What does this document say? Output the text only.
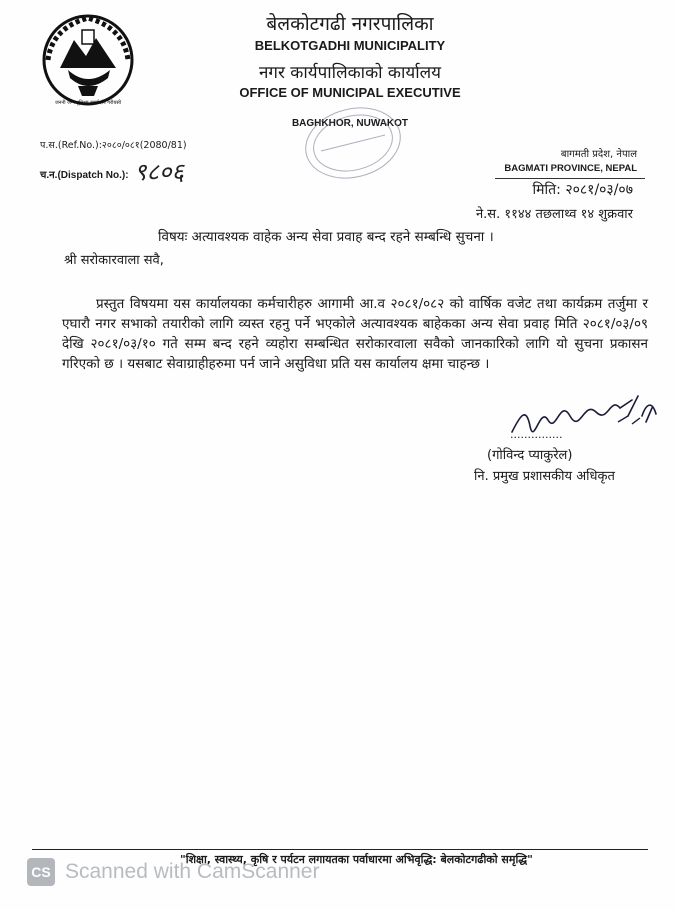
जननी जन्मभूमिश्च स्वर्गादपि गरीयसी
बेलकोटगढी नगरपालिका
BELKOTGADHI MUNICIPALITY
नगर कार्यपालिकाको कार्यालय
OFFICE OF MUNICIPAL EXECUTIVE
BAGHKHOR, NUWAKOT
प.स.(Ref.No.):२०८०/०८१(2080/81)
च.न.(Dispatch No.): ९८०६
बागमती प्रदेश, नेपाल
BAGMATI PROVINCE, NEPAL
मिति: २०८१/०३/०७
ने.स. ११४४ तछलाथ्व १४ शुक्रवार
विषयः अत्यावश्यक वाहेक अन्य सेवा प्रवाह बन्द रहने सम्बन्धि सुचना ।
श्री सरोकारवाला सवै,

प्रस्तुत विषयमा यस कार्यालयका कर्मचारीहरु आगामी आ.व २०८१/०८२ को वार्षिक वजेट तथा कार्यक्रम तर्जुमा र एघारौ नगर सभाको तयारीको लागि व्यस्त रहनु पर्ने भएकोले अत्यावश्यक बाहेकका अन्य सेवा प्रवाह मिति २०८१/०३/०९ देखि २०८१/०३/१० गते सम्म बन्द रहने व्यहोरा सम्बन्धित सरोकारवाला सवैको जानकारिको लागि यो सुचना प्रकासन गरिएको छ । यसबाट सेवाग्राहीहरुमा पर्न जाने असुविधा प्रति यस कार्यालय क्षमा चाहन्छ ।

...............
(गोविन्द प्याकुरेल)
नि. प्रमुख प्रशासकीय अधिकृत
"शिक्षा, स्वास्थ्य, कृषि र पर्यटन लगायतका पर्वाधारमा अभिवृद्धि: बेलकोटगढीको समृद्धि"
CS Scanned with CamScanner
